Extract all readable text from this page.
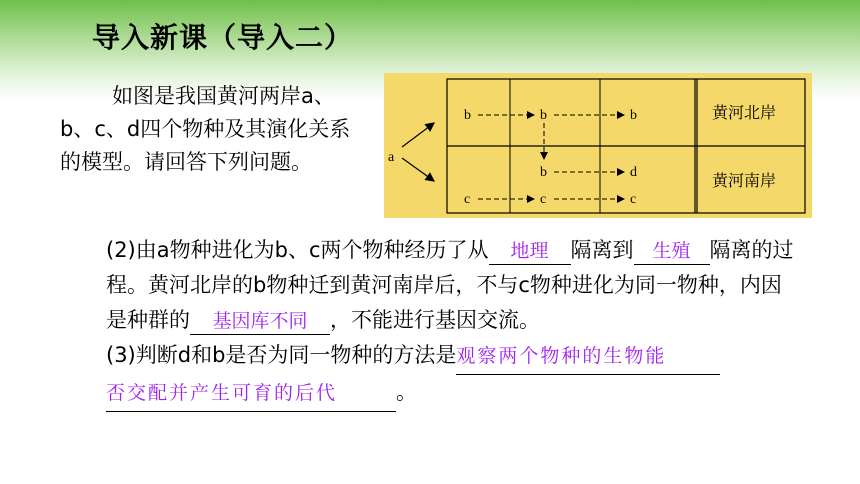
导入新课（导入二）

如图是我国黄河两岸a、b、c、d四个物种及其演化关系的模型。请回答下列问题。	a
b	b	b
b	d
c	c	c
黄河北岸
黄河南岸

(2)由a物种进化为b、c两个物种经历了从 地理 隔离到 生殖 隔离的过程。黄河北岸的b物种迁到黄河南岸后，不与c物种进化为同一物种，内因是种群的 基因库不同 ，不能进行基因交流。

(3)判断d和b是否为同一物种的方法是观察两个物种的生物能
否交配并产生可育的后代	。
